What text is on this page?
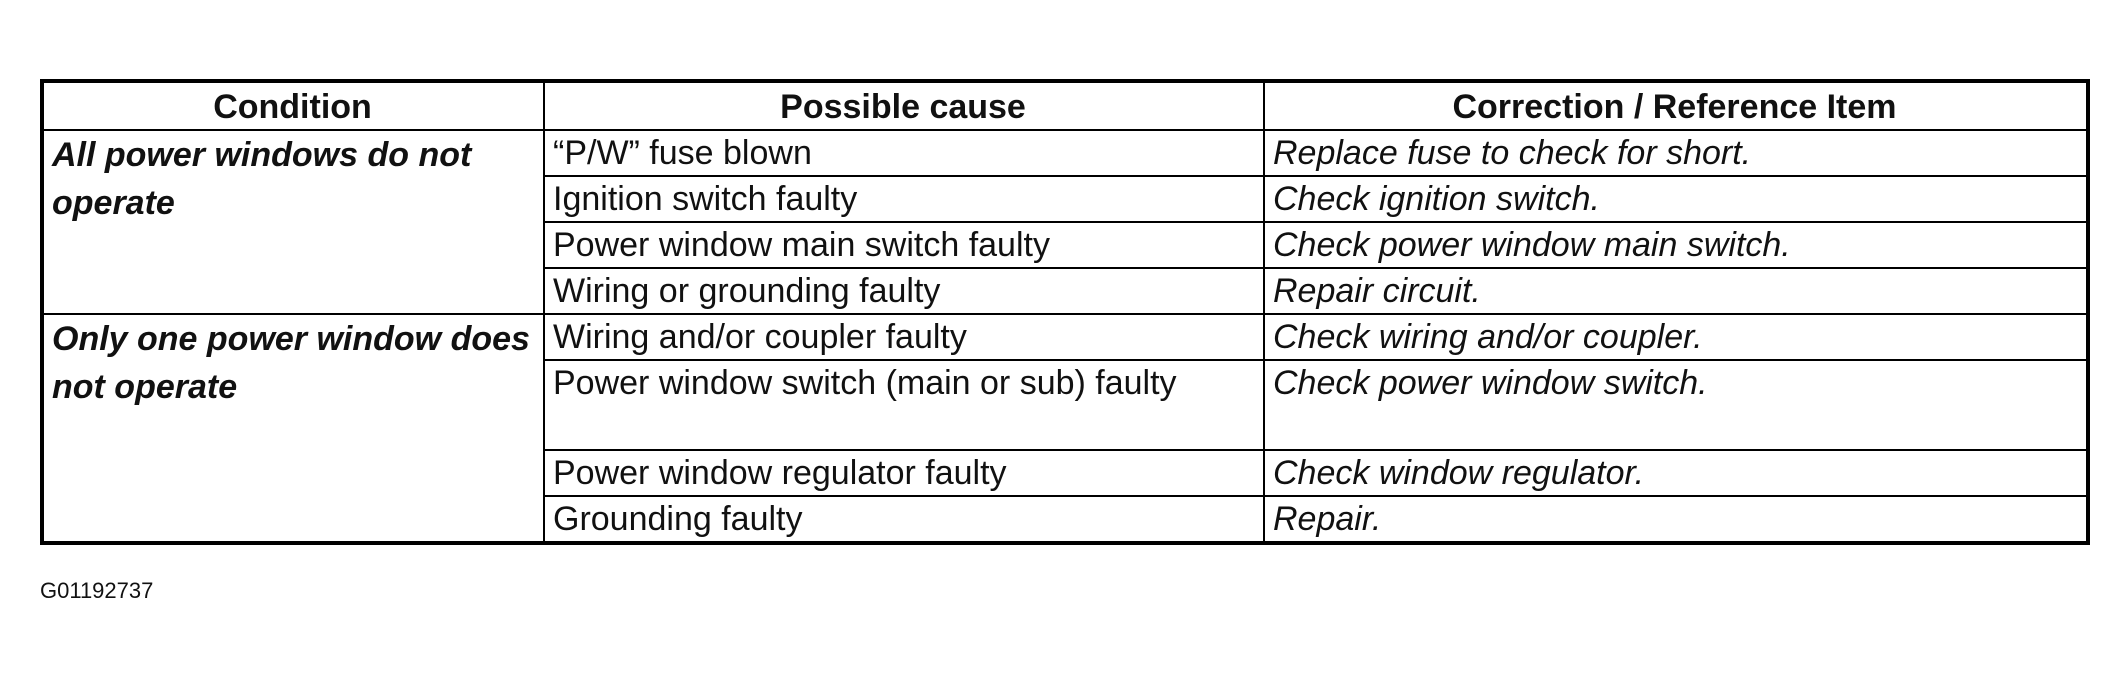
Condition	Possible cause	Correction / Reference Item
All power windows do not operate	“P/W” fuse blown	Replace fuse to check for short.
	Ignition switch faulty	Check ignition switch.
	Power window main switch faulty	Check power window main switch.
	Wiring or grounding faulty	Repair circuit.
Only one power window does not operate	Wiring and/or coupler faulty	Check wiring and/or coupler.
	Power window switch (main or sub) faulty	Check power window switch.
	Power window regulator faulty	Check window regulator.
	Grounding faulty	Repair.
G01192737
